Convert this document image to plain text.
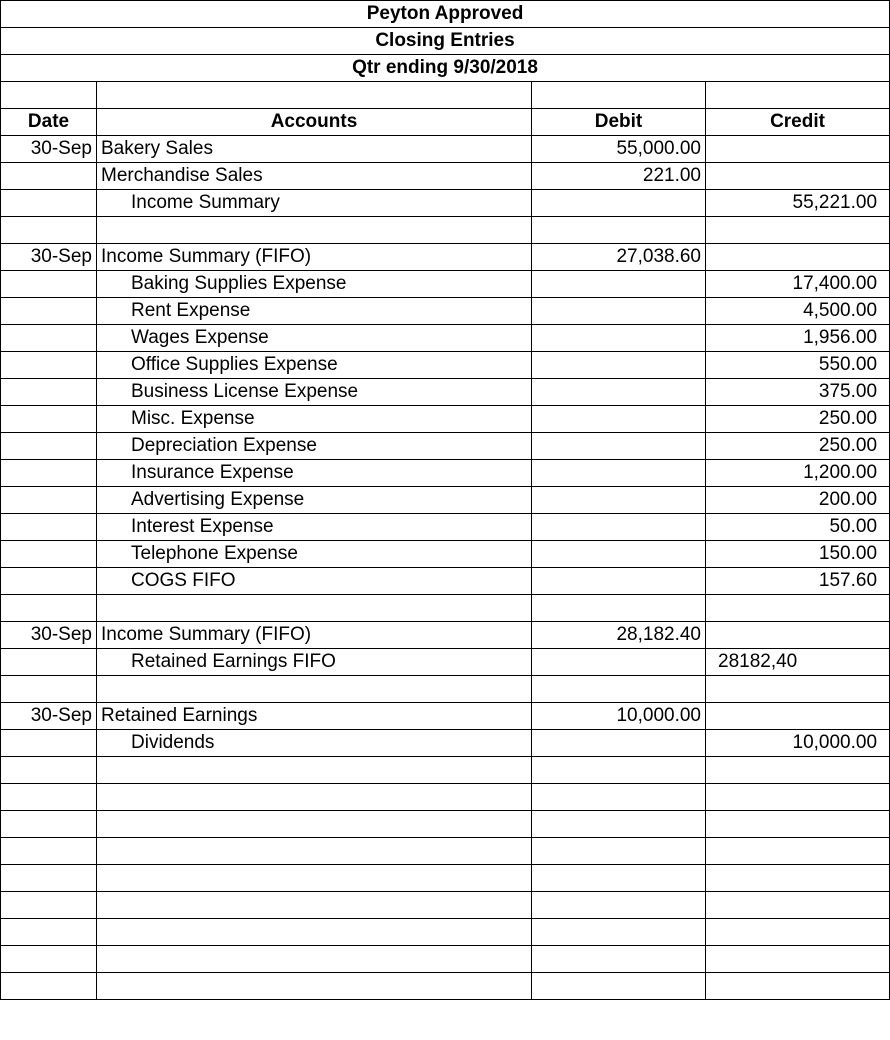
Peyton Approved			
Closing Entries			
Qtr ending 9/30/2018			

Date	Accounts	Debit	Credit
30-Sep	Bakery Sales	55,000.00	
	Merchandise Sales	221.00	
	Income Summary		55,221.00

30-Sep	Income Summary (FIFO)	27,038.60	
	Baking Supplies Expense		17,400.00
	Rent Expense		4,500.00
	Wages Expense		1,956.00
	Office Supplies Expense		550.00
	Business License Expense		375.00
	Misc. Expense		250.00
	Depreciation Expense		250.00
	Insurance Expense		1,200.00
	Advertising Expense		200.00
	Interest Expense		50.00
	Telephone Expense		150.00
	COGS FIFO		157.60

30-Sep	Income Summary (FIFO)	28,182.40	
	Retained Earnings FIFO		28182,40

30-Sep	Retained Earnings	10,000.00	
	Dividends		10,000.00
